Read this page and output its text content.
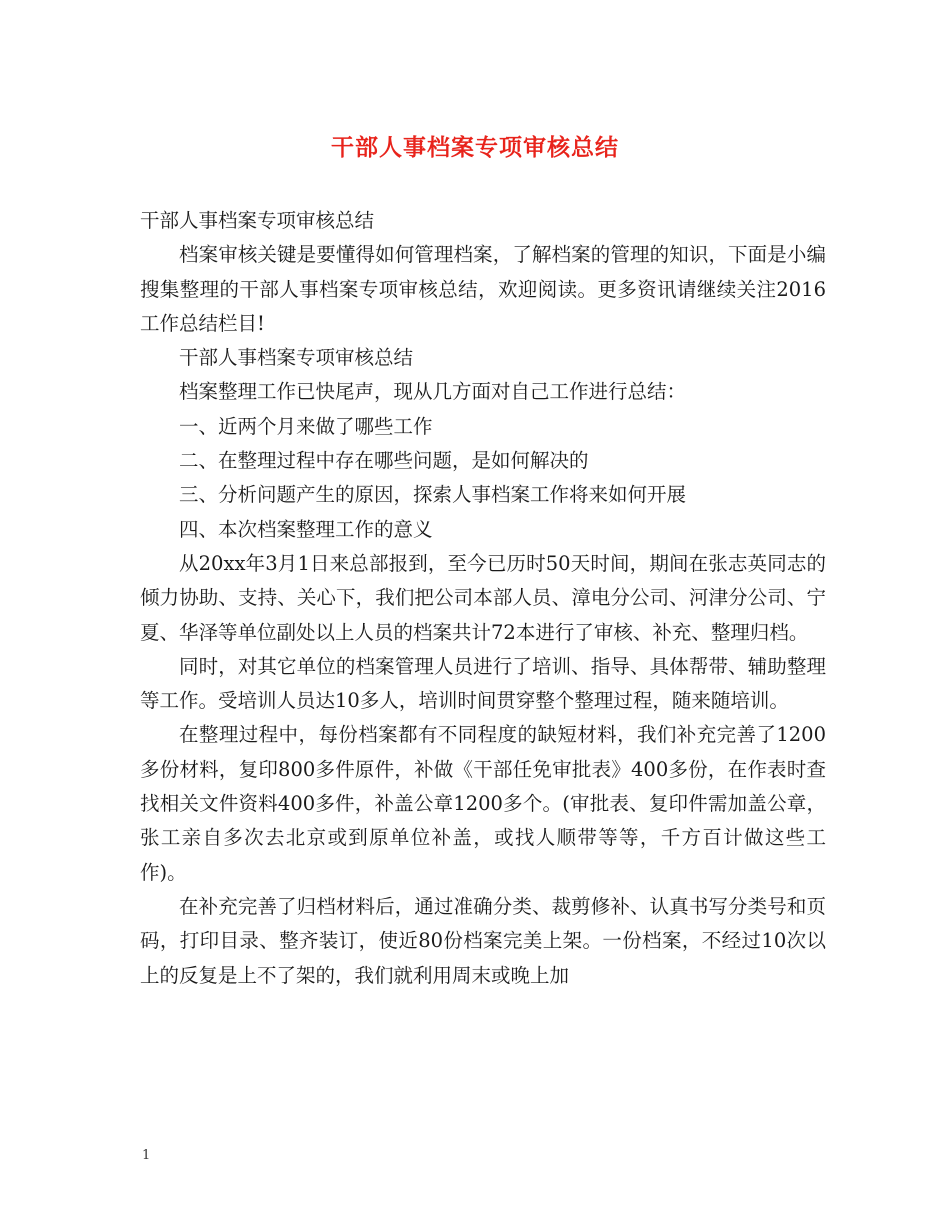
干部人事档案专项审核总结

干部人事档案专项审核总结

档案审核关键是要懂得如何管理档案，了解档案的管理的知识，下面是小编搜集整理的干部人事档案专项审核总结，欢迎阅读。更多资讯请继续关注2016工作总结栏目!

干部人事档案专项审核总结

档案整理工作已快尾声，现从几方面对自己工作进行总结：

一、近两个月来做了哪些工作

二、在整理过程中存在哪些问题，是如何解决的

三、分析问题产生的原因，探索人事档案工作将来如何开展

四、本次档案整理工作的意义

从20xx年3月1日来总部报到，至今已历时50天时间，期间在张志英同志的倾力协助、支持、关心下，我们把公司本部人员、漳电分公司、河津分公司、宁夏、华泽等单位副处以上人员的档案共计72本进行了审核、补充、整理归档。

同时，对其它单位的档案管理人员进行了培训、指导、具体帮带、辅助整理等工作。受培训人员达10多人，培训时间贯穿整个整理过程，随来随培训。

在整理过程中，每份档案都有不同程度的缺短材料，我们补充完善了1200多份材料，复印800多件原件，补做《干部任免审批表》400多份，在作表时查找相关文件资料400多件，补盖公章1200多个。(审批表、复印件需加盖公章，张工亲自多次去北京或到原单位补盖，或找人顺带等等，千方百计做这些工作)。

在补充完善了归档材料后，通过准确分类、裁剪修补、认真书写分类号和页码，打印目录、整齐装订，使近80份档案完美上架。一份档案，不经过10次以上的反复是上不了架的，我们就利用周末或晚上加

1
